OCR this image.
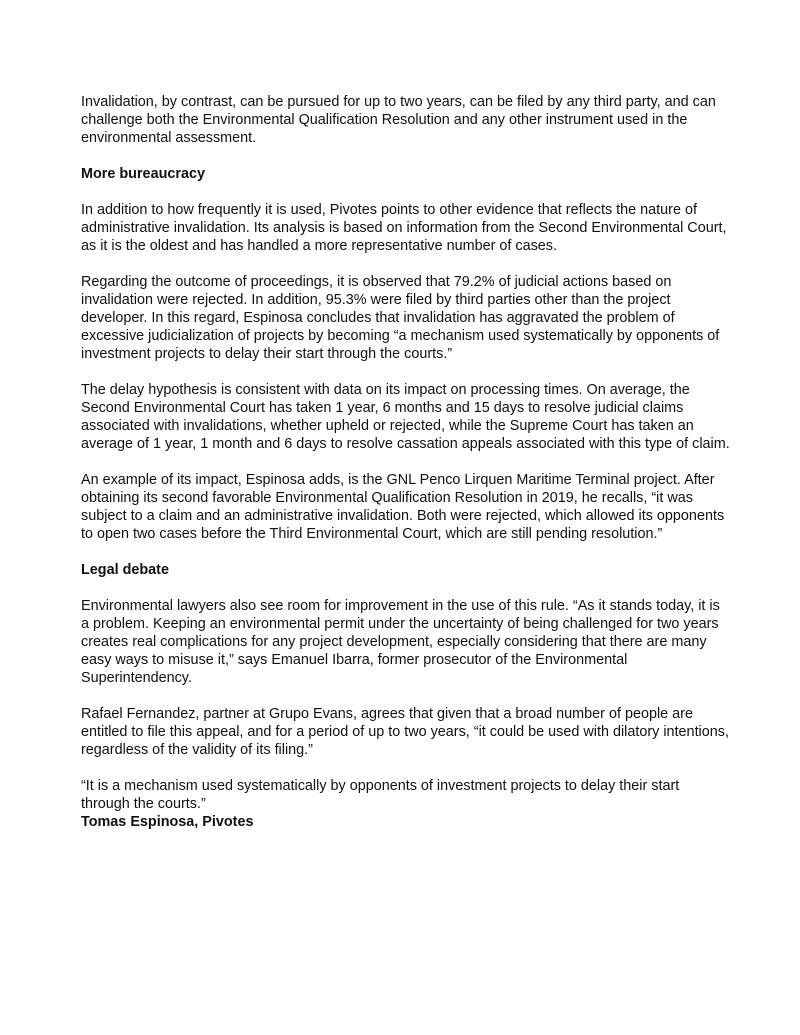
Invalidation, by contrast, can be pursued for up to two years, can be filed by any third party, and can challenge both the Environmental Qualification Resolution and any other instrument used in the environmental assessment.

More bureaucracy

In addition to how frequently it is used, Pivotes points to other evidence that reflects the nature of administrative invalidation. Its analysis is based on information from the Second Environmental Court, as it is the oldest and has handled a more representative number of cases.

Regarding the outcome of proceedings, it is observed that 79.2% of judicial actions based on invalidation were rejected. In addition, 95.3% were filed by third parties other than the project developer. In this regard, Espinosa concludes that invalidation has aggravated the problem of excessive judicialization of projects by becoming “a mechanism used systematically by opponents of investment projects to delay their start through the courts.”

The delay hypothesis is consistent with data on its impact on processing times. On average, the Second Environmental Court has taken 1 year, 6 months and 15 days to resolve judicial claims associated with invalidations, whether upheld or rejected, while the Supreme Court has taken an average of 1 year, 1 month and 6 days to resolve cassation appeals associated with this type of claim.

An example of its impact, Espinosa adds, is the GNL Penco Lirquen Maritime Terminal project. After obtaining its second favorable Environmental Qualification Resolution in 2019, he recalls, “it was subject to a claim and an administrative invalidation. Both were rejected, which allowed its opponents to open two cases before the Third Environmental Court, which are still pending resolution.”

Legal debate

Environmental lawyers also see room for improvement in the use of this rule. “As it stands today, it is a problem. Keeping an environmental permit under the uncertainty of being challenged for two years creates real complications for any project development, especially considering that there are many easy ways to misuse it,” says Emanuel Ibarra, former prosecutor of the Environmental Superintendency.

Rafael Fernandez, partner at Grupo Evans, agrees that given that a broad number of people are entitled to file this appeal, and for a period of up to two years, “it could be used with dilatory intentions, regardless of the validity of its filing.”

“It is a mechanism used systematically by opponents of investment projects to delay their start through the courts.”

Tomas Espinosa, Pivotes
